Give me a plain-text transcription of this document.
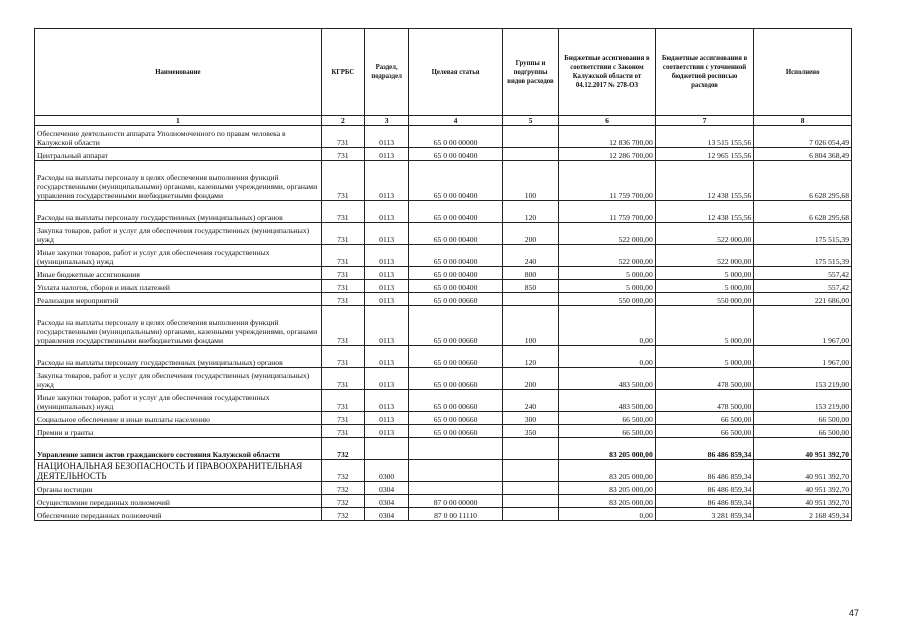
Наименование	КГРБС	Раздел, подраздел	Целевая статья	Группы и подгруппы видов расходов	Бюджетные ассигнования в соответствии с Законом Калужской области от 04.12.2017 № 278-ОЗ	Бюджетные ассигнования в соответствии с уточненной бюджетной росписью расходов	Исполнено
1	2	3	4	5	6	7	8
Обеспечение деятельности аппарата Уполномоченного по правам человека в Калужской области	731	0113	65 0 00 00000		12 836 700,00	13 515 155,56	7 026 054,49
Центральный аппарат	731	0113	65 0 00 00400		12 286 700,00	12 965 155,56	6 804 368,49
Расходы на выплаты персоналу в целях обеспечения выполнения функций государственными (муниципальными) органами, казенными учреждениями, органами управления государственными внебюджетными фондами	731	0113	65 0 00 00400	100	11 759 700,00	12 438 155,56	6 628 295,68
Расходы на выплаты персоналу государственных (муниципальных) органов	731	0113	65 0 00 00400	120	11 759 700,00	12 438 155,56	6 628 295,68
Закупка товаров, работ и услуг для обеспечения государственных (муниципальных) нужд	731	0113	65 0 00 00400	200	522 000,00	522 000,00	175 515,39
Иные закупки товаров, работ и услуг для обеспечения государственных (муниципальных) нужд	731	0113	65 0 00 00400	240	522 000,00	522 000,00	175 515,39
Иные бюджетные ассигнования	731	0113	65 0 00 00400	800	5 000,00	5 000,00	557,42
Уплата налогов, сборов и иных платежей	731	0113	65 0 00 00400	850	5 000,00	5 000,00	557,42
Реализация мероприятий	731	0113	65 0 00 00660		550 000,00	550 000,00	221 686,00
Расходы на выплаты персоналу в целях обеспечения выполнения функций государственными (муниципальными) органами, казенными учреждениями, органами управления государственными внебюджетными фондами	731	0113	65 0 00 00660	100	0,00	5 000,00	1 967,00
Расходы на выплаты персоналу государственных (муниципальных) органов	731	0113	65 0 00 00660	120	0,00	5 000,00	1 967,00
Закупка товаров, работ и услуг для обеспечения государственных (муниципальных) нужд	731	0113	65 0 00 00660	200	483 500,00	478 500,00	153 219,00
Иные закупки товаров, работ и услуг для обеспечения государственных (муниципальных) нужд	731	0113	65 0 00 00660	240	483 500,00	478 500,00	153 219,00
Социальное обеспечение и иные выплаты населению	731	0113	65 0 00 00660	300	66 500,00	66 500,00	66 500,00
Премии и гранты	731	0113	65 0 00 00660	350	66 500,00	66 500,00	66 500,00
Управление записи актов гражданского состояния Калужской области	732				83 205 000,00	86 486 859,34	40 951 392,70
НАЦИОНАЛЬНАЯ БЕЗОПАСНОСТЬ И ПРАВООХРАНИТЕЛЬНАЯ ДЕЯТЕЛЬНОСТЬ	732	0300			83 205 000,00	86 486 859,34	40 951 392,70
Органы юстиции	732	0304			83 205 000,00	86 486 859,34	40 951 392,70
Осуществление переданных полномочий	732	0304	87 0 00 00000		83 205 000,00	86 486 859,34	40 951 392,70
Обеспечение переданных полномочий	732	0304	87 0 00 11110		0,00	3 281 859,34	2 168 459,34
47
